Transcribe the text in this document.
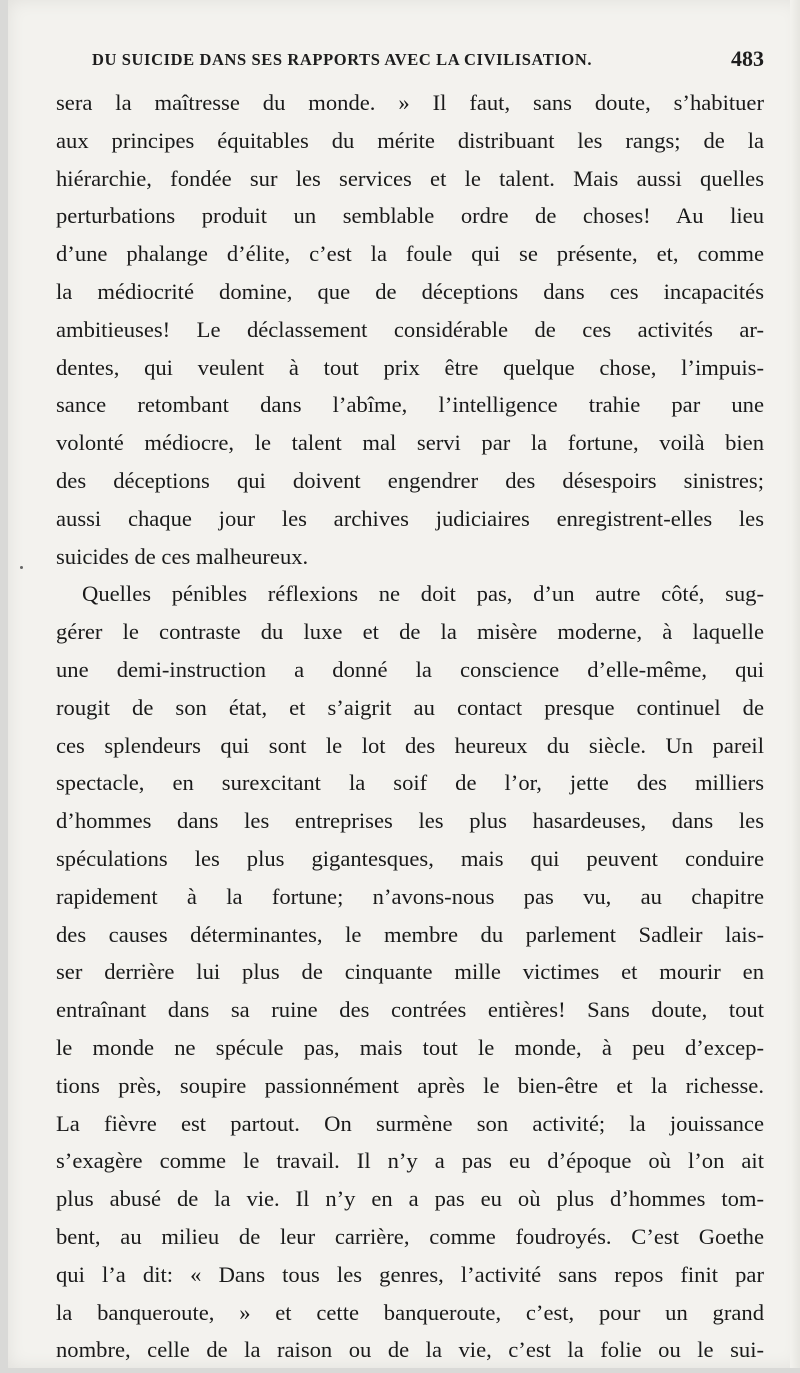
DU SUICIDE DANS SES RAPPORTS AVEC LA CIVILISATION.	483
sera la maîtresse du monde. » Il faut, sans doute, s’habituer
aux principes équitables du mérite distribuant les rangs; de la
hiérarchie, fondée sur les services et le talent. Mais aussi quelles
perturbations produit un semblable ordre de choses! Au lieu
d’une phalange d’élite, c’est la foule qui se présente, et, comme
la médiocrité domine, que de déceptions dans ces incapacités
ambitieuses! Le déclassement considérable de ces activités ar-
dentes, qui veulent à tout prix être quelque chose, l’impuis-
sance retombant dans l’abîme, l’intelligence trahie par une
volonté médiocre, le talent mal servi par la fortune, voilà bien
des déceptions qui doivent engendrer des désespoirs sinistres;
aussi chaque jour les archives judiciaires enregistrent-elles les
suicides de ces malheureux.
Quelles pénibles réflexions ne doit pas, d’un autre côté, sug-
gérer le contraste du luxe et de la misère moderne, à laquelle
une demi-instruction a donné la conscience d’elle-même, qui
rougit de son état, et s’aigrit au contact presque continuel de
ces splendeurs qui sont le lot des heureux du siècle. Un pareil
spectacle, en surexcitant la soif de l’or, jette des milliers
d’hommes dans les entreprises les plus hasardeuses, dans les
spéculations les plus gigantesques, mais qui peuvent conduire
rapidement à la fortune; n’avons-nous pas vu, au chapitre
des causes déterminantes, le membre du parlement Sadleir lais-
ser derrière lui plus de cinquante mille victimes et mourir en
entraînant dans sa ruine des contrées entières! Sans doute, tout
le monde ne spécule pas, mais tout le monde, à peu d’excep-
tions près, soupire passionnément après le bien-être et la richesse.
La fièvre est partout. On surmène son activité; la jouissance
s’exagère comme le travail. Il n’y a pas eu d’époque où l’on ait
plus abusé de la vie. Il n’y en a pas eu où plus d’hommes tom-
bent, au milieu de leur carrière, comme foudroyés. C’est Goethe
qui l’a dit: « Dans tous les genres, l’activité sans repos finit par
la banqueroute, » et cette banqueroute, c’est, pour un grand
nombre, celle de la raison ou de la vie, c’est la folie ou le sui-
